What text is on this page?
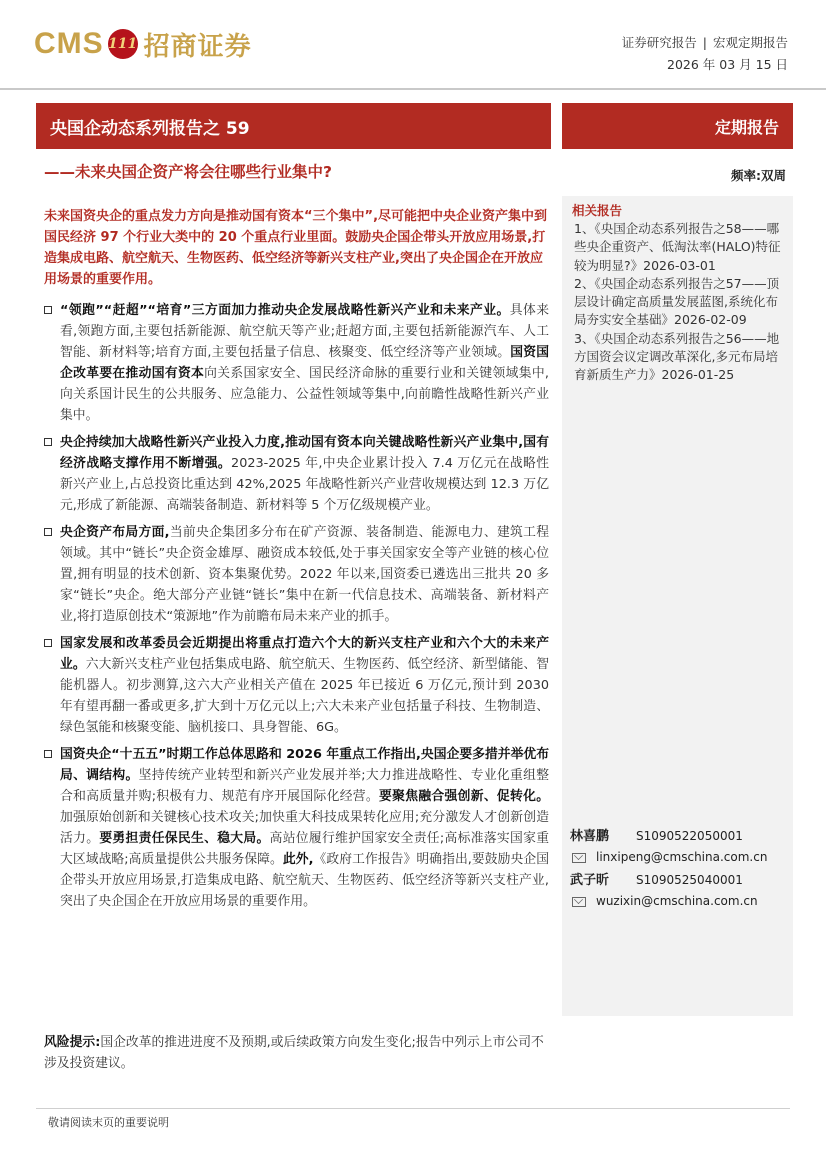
CMS 111 招商证券	证券研究报告 | 宏观定期报告
2026 年 03 月 15 日
央国企动态系列报告之 59	定期报告
——未来央国企资产将会往哪些行业集中?	频率:双周
相关报告

1、《央国企动态系列报告之58——哪些央企重资产、低淘汰率(HALO)特征较为明显?》2026-03-01

2、《央国企动态系列报告之57——顶层设计确定高质量发展蓝图,系统化布局夯实安全基础》2026-02-09

3、《央国企动态系列报告之56——地方国资会议定调改革深化,多元布局培育新质生产力》2026-01-25

林喜鹏	S1090522050001
linxipeng@cmschina.com.cn
武子昕	S1090525040001
wuzixin@cmschina.com.cn
未来国资央企的重点发力方向是推动国有资本“三个集中”,尽可能把中央企业资产集中到国民经济 97 个行业大类中的 20 个重点行业里面。鼓励央企国企带头开放应用场景,打造集成电路、航空航天、生物医药、低空经济等新兴支柱产业,突出了央企国企在开放应用场景的重要作用。
“领跑”“赶超”“培育”三方面加力推动央企发展战略性新兴产业和未来产业。具体来看,领跑方面,主要包括新能源、航空航天等产业;赶超方面,主要包括新能源汽车、人工智能、新材料等;培育方面,主要包括量子信息、核聚变、低空经济等产业领域。国资国企改革要在推动国有资本向关系国家安全、国民经济命脉的重要行业和关键领域集中,向关系国计民生的公共服务、应急能力、公益性领域等集中,向前瞻性战略性新兴产业集中。
央企持续加大战略性新兴产业投入力度,推动国有资本向关键战略性新兴产业集中,国有经济战略支撑作用不断增强。2023-2025 年,中央企业累计投入 7.4 万亿元在战略性新兴产业上,占总投资比重达到 42%,2025 年战略性新兴产业营收规模达到 12.3 万亿元,形成了新能源、高端装备制造、新材料等 5 个万亿级规模产业。
央企资产布局方面,当前央企集团多分布在矿产资源、装备制造、能源电力、建筑工程领域。其中“链长”央企资金雄厚、融资成本较低,处于事关国家安全等产业链的核心位置,拥有明显的技术创新、资本集聚优势。2022 年以来,国资委已遴选出三批共 20 多家“链长”央企。绝大部分产业链“链长”集中在新一代信息技术、高端装备、新材料产业,将打造原创技术“策源地”作为前瞻布局未来产业的抓手。
国家发展和改革委员会近期提出将重点打造六个大的新兴支柱产业和六个大的未来产业。六大新兴支柱产业包括集成电路、航空航天、生物医药、低空经济、新型储能、智能机器人。初步测算,这六大产业相关产值在 2025 年已接近 6 万亿元,预计到 2030 年有望再翻一番或更多,扩大到十万亿元以上;六大未来产业包括量子科技、生物制造、绿色氢能和核聚变能、脑机接口、具身智能、6G。
国资央企“十五五”时期工作总体思路和 2026 年重点工作指出,央国企要多措并举优布局、调结构。坚持传统产业转型和新兴产业发展并举;大力推进战略性、专业化重组整合和高质量并购;积极有力、规范有序开展国际化经营。要聚焦融合强创新、促转化。加强原始创新和关键核心技术攻关;加快重大科技成果转化应用;充分激发人才创新创造活力。要勇担责任保民生、稳大局。高站位履行维护国家安全责任;高标准落实国家重大区域战略;高质量提供公共服务保障。此外,《政府工作报告》明确指出,要鼓励央企国企带头开放应用场景,打造集成电路、航空航天、生物医药、低空经济等新兴支柱产业,突出了央企国企在开放应用场景的重要作用。
风险提示:国企改革的推进进度不及预期,或后续政策方向发生变化;报告中列示上市公司不涉及投资建议。
敬请阅读末页的重要说明
